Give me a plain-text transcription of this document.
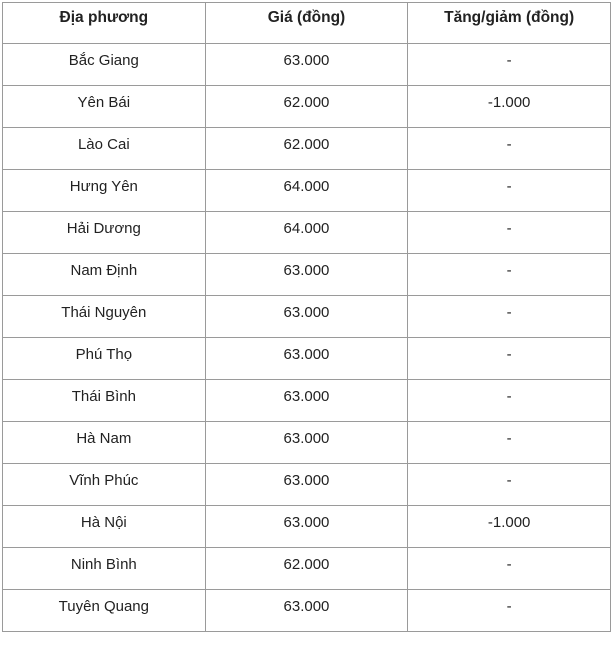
Địa phương	Giá (đồng)	Tăng/giảm (đồng)
Bắc Giang	63.000	-
Yên Bái	62.000	-1.000
Lào Cai	62.000	-
Hưng Yên	64.000	-
Hải Dương	64.000	-
Nam Định	63.000	-
Thái Nguyên	63.000	-
Phú Thọ	63.000	-
Thái Bình	63.000	-
Hà Nam	63.000	-
Vĩnh Phúc	63.000	-
Hà Nội	63.000	-1.000
Ninh Bình	62.000	-
Tuyên Quang	63.000	-
